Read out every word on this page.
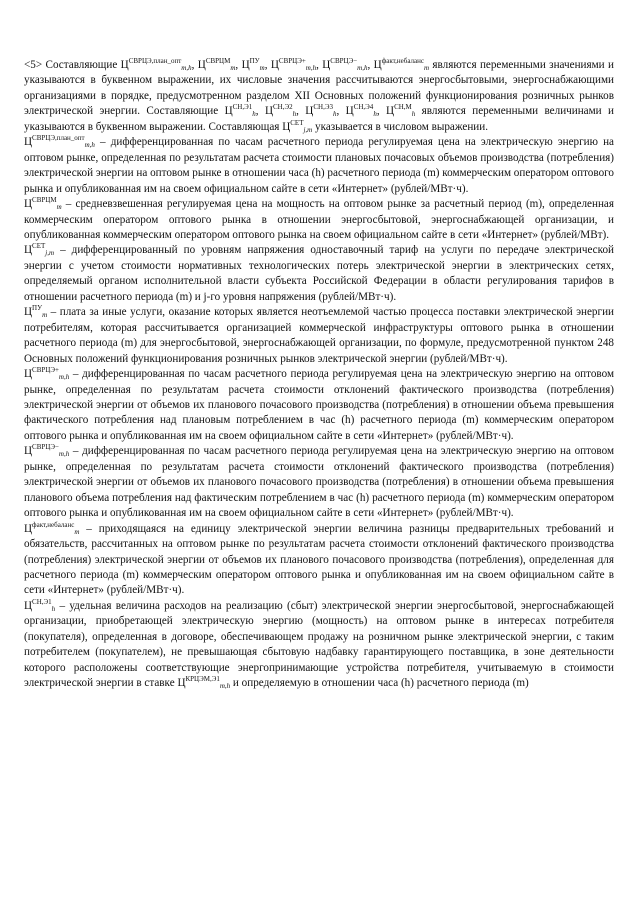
<5> Составляющие $Ц^{СВРЦЭ,план\_опт}_{m,h}$, $Ц^{СВРЦМ}_m$, $Ц^{ПУ}_m$, $Ц^{СВРЦЭ+}_{m,h}$, $Ц^{СВРЦЭ-}_{m,h}$, $Ц^{факт,небаланс}_m$ являются переменными значениями и указываются в буквенном выражении, их числовые значения рассчитываются энергосбытовыми, энергоснабжающими организациями в порядке, предусмотренном разделом XII Основных положений функционирования розничных рынков электрической энергии. Составляющие $Ц^{СН,Э1}_h$, $Ц^{СН,Э2}_h$, $Ц^{СН,Э3}_h$, $Ц^{СН,Э4}_h$, $Ц^{СН,М}_h$ являются переменными величинами и указываются в буквенном выражении. Составляющая $Ц^{СЕТ}_{j,m}$ указывается в числовом выражении.

$Ц^{СВРЦЭ,план\_опт}_{m,h}$ – дифференцированная по часам расчетного периода регулируемая цена на электрическую энергию на оптовом рынке, определенная по результатам расчета стоимости плановых почасовых объемов производства (потребления) электрической энергии на оптовом рынке в отношении часа (h) расчетного периода (m) коммерческим оператором оптового рынка и опубликованная им на своем официальном сайте в сети «Интернет» (рублей/МВт·ч).

$Ц^{СВРЦМ}_m$ – средневзвешенная регулируемая цена на мощность на оптовом рынке за расчетный период (m), определенная коммерческим оператором оптового рынка в отношении энергосбытовой, энергоснабжающей организации, и опубликованная коммерческим оператором оптового рынка на своем официальном сайте в сети «Интернет» (рублей/МВт).

$Ц^{СЕТ}_{j,m}$ – дифференцированный по уровням напряжения одноставочный тариф на услуги по передаче электрической энергии с учетом стоимости нормативных технологических потерь электрической энергии в электрических сетях, определяемый органом исполнительной власти субъекта Российской Федерации в области регулирования тарифов в отношении расчетного периода (m) и j-го уровня напряжения (рублей/МВт·ч).

$Ц^{ПУ}_m$ – плата за иные услуги, оказание которых является неотъемлемой частью процесса поставки электрической энергии потребителям, которая рассчитывается организацией коммерческой инфраструктуры оптового рынка в отношении расчетного периода (m) для энергосбытовой, энергоснабжающей организации, по формуле, предусмотренной пунктом 248 Основных положений функционирования розничных рынков электрической энергии (рублей/МВт·ч).

$Ц^{СВРЦЭ+}_{m,h}$ – дифференцированная по часам расчетного периода регулируемая цена на электрическую энергию на оптовом рынке, определенная по результатам расчета стоимости отклонений фактического производства (потребления) электрической энергии от объемов их планового почасового производства (потребления) в отношении объема превышения фактического потребления над плановым потреблением в час (h) расчетного периода (m) коммерческим оператором оптового рынка и опубликованная им на своем официальном сайте в сети «Интернет» (рублей/МВт·ч).

$Ц^{СВРЦЭ-}_{m,h}$ – дифференцированная по часам расчетного периода регулируемая цена на электрическую энергию на оптовом рынке, определенная по результатам расчета стоимости отклонений фактического производства (потребления) электрической энергии от объемов их планового почасового производства (потребления) в отношении объема превышения планового объема потребления над фактическим потреблением в час (h) расчетного периода (m) коммерческим оператором оптового рынка и опубликованная им на своем официальном сайте в сети «Интернет» (рублей/МВт·ч).

$Ц^{факт,небаланс}_m$ – приходящаяся на единицу электрической энергии величина разницы предварительных требований и обязательств, рассчитанных на оптовом рынке по результатам расчета стоимости отклонений фактического производства (потребления) электрической энергии от объемов их планового почасового производства (потребления), определенная для расчетного периода (m) коммерческим оператором оптового рынка и опубликованная им на своем официальном сайте в сети «Интернет» (рублей/МВт·ч).

$Ц^{СН,Э1}_h$ – удельная величина расходов на реализацию (сбыт) электрической энергии энергосбытовой, энергоснабжающей организации, приобретающей электрическую энергию (мощность) на оптовом рынке в интересах потребителя (покупателя), определенная в договоре, обеспечивающем продажу на розничном рынке электрической энергии, с таким потребителем (покупателем), не превышающая сбытовую надбавку гарантирующего поставщика, в зоне деятельности которого расположены соответствующие энергопринимающие устройства потребителя, учитываемую в стоимости электрической энергии в ставке $Ц^{КРЦЭМ,Э1}_{m,h}$ и определяемую в отношении часа (h) расчетного периода (m)
